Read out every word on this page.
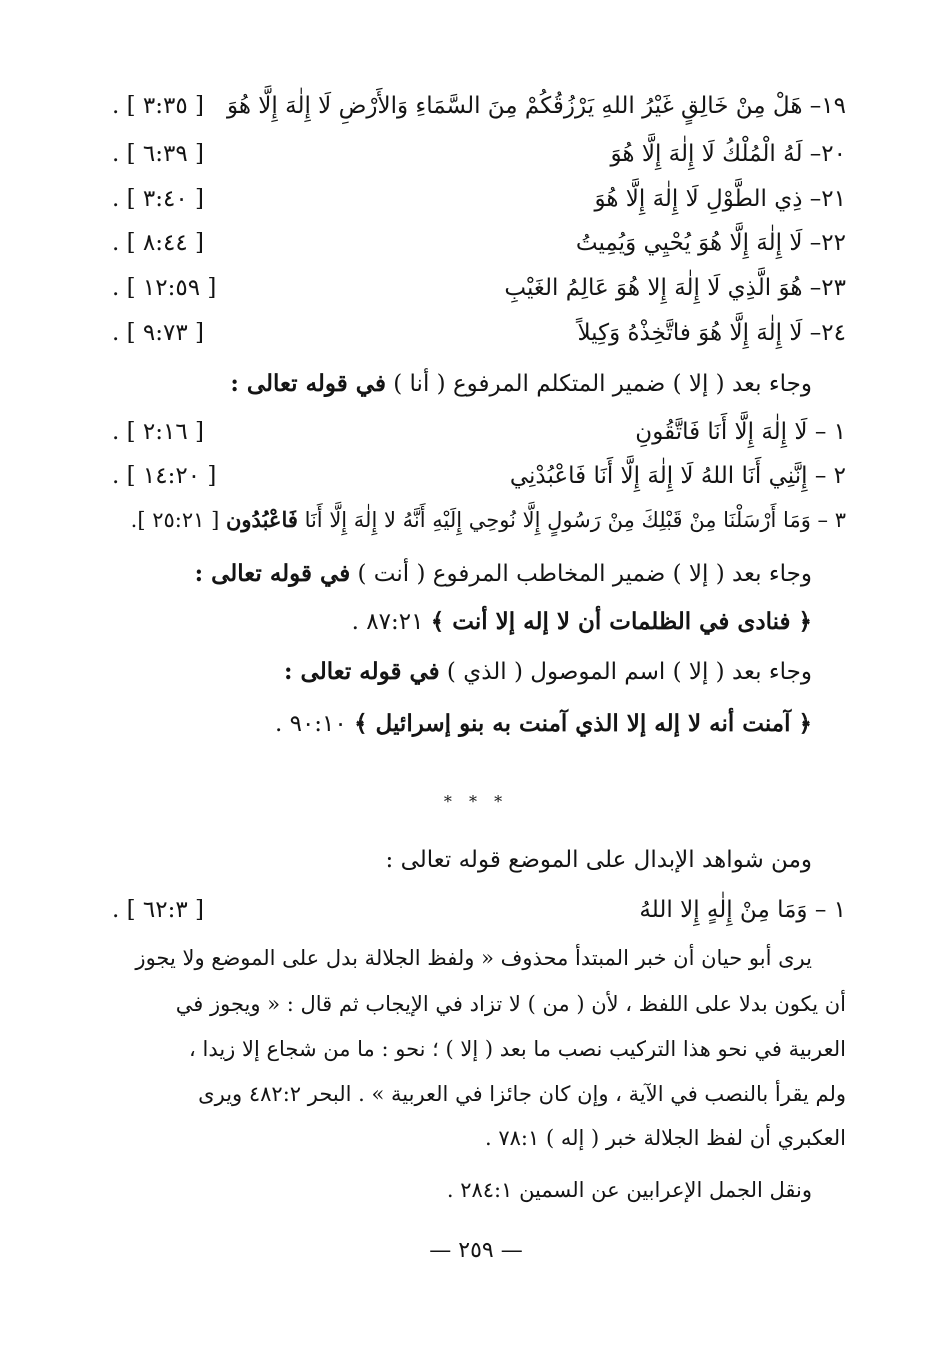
١٩– هَلْ مِنْ خَالِقٍ غَيْرُ اللهِ يَرْزُقُكُمْ مِنَ السَّمَاءِ وَالأَرْضِ لَا إِلٰهَ إِلَّا هُوَ
[ ٣:٣٥ ] .
٢٠– لَهُ الْمُلْكُ لَا إِلٰهَ إِلَّا هُوَ
[ ٦:٣٩ ] .
٢١– ذِي الطَّوْلِ لَا إِلٰهَ إِلَّا هُوَ
[ ٣:٤٠ ] .
٢٢– لَا إِلٰهَ إِلَّا هُوَ يُحْيِي وَيُمِيتُ
[ ٨:٤٤ ] .
٢٣– هُوَ الَّذِي لَا إِلٰهَ إِلا هُوَ عَالِمُ الغَيْبِ
[ ١٢:٥٩ ] .
٢٤– لَا إِلٰهَ إِلَّا هُوَ فاتَّخِذْهُ وَكِيلاً
[ ٩:٧٣ ] .
وجاء بعد ( إلا ) ضمير المتكلم المرفوع ( أنا ) في قوله تعالى :
١ – لَا إِلٰهَ إِلَّا أَنَا فَاتَّقُونِ
[ ٢:١٦ ] .
٢ – إِنَّنِي أَنَا اللهُ لَا إِلٰهَ إِلَّا أَنَا فَاعْبُدْنِي
[ ١٤:٢٠ ] .
٣ – وَمَا أَرْسَلْنَا مِنْ قَبْلِكَ مِنْ رَسُولٍ إِلَّا نُوحِي إِلَيْهِ أَنَّهُ لا إِلٰهَ إِلَّا أَنَا فَاعْبُدُون [ ٢٥:٢١ ].
وجاء بعد ( إلا ) ضمير المخاطب المرفوع ( أنت ) في قوله تعالى :
﴿ فنادى في الظلمات أن لا إله إلا أنت ﴾ ٨٧:٢١ .
وجاء بعد ( إلا ) اسم الموصول ( الذي ) في قوله تعالى :
﴿ آمنت أنه لا إله إلا الذي آمنت به بنو إسرائيل ﴾ ٩٠:١٠ .
* * *
ومن شواهد الإبدال على الموضع قوله تعالى :
١ – وَمَا مِنْ إِلٰهٍ إِلا اللهُ
[ ٦٢:٣ ] .
يرى أبو حيان أن خبر المبتدأ محذوف « ولفظ الجلالة بدل على الموضع ولا يجوز
أن يكون بدلا على اللفظ ، لأن ( من ) لا تزاد في الإيجاب ثم قال : « ويجوز في
العربية في نحو هذا التركيب نصب ما بعد ( إلا ) ؛ نحو : ما من شجاع إلا زيدا ،
ولم يقرأ بالنصب في الآية ، وإن كان جائزا في العربية » . البحر ٤٨٢:٢ ويرى
العكبري أن لفظ الجلالة خبر ( إله ) ٧٨:١ .
ونقل الجمل الإعرابين عن السمين ٢٨٤:١ .
— ٢٥٩ —
